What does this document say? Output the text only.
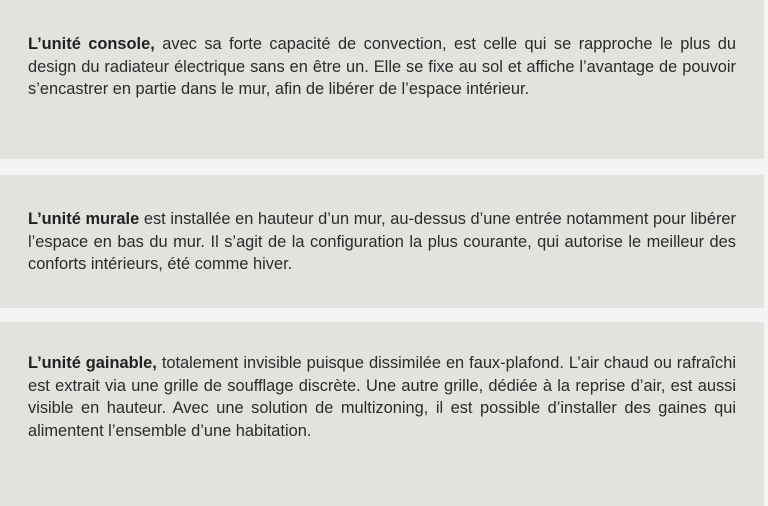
L’unité console, avec sa forte capacité de convection, est celle qui se rapproche le plus du design du radiateur électrique sans en être un. Elle se fixe au sol et affiche l’avantage de pouvoir s’encastrer en partie dans le mur, afin de libérer de l’espace intérieur.

L’unité murale est installée en hauteur d’un mur, au-dessus d’une entrée notamment pour libérer l’espace en bas du mur. Il s’agit de la configuration la plus courante, qui autorise le meilleur des conforts intérieurs, été comme hiver.

L’unité gainable, totalement invisible puisque dissimilée en faux-plafond. L’air chaud ou rafraîchi est extrait via une grille de soufflage discrète. Une autre grille, dédiée à la reprise d’air, est aussi visible en hauteur. Avec une solution de multizoning, il est possible d’installer des gaines qui alimentent l’ensemble d’une habitation.
